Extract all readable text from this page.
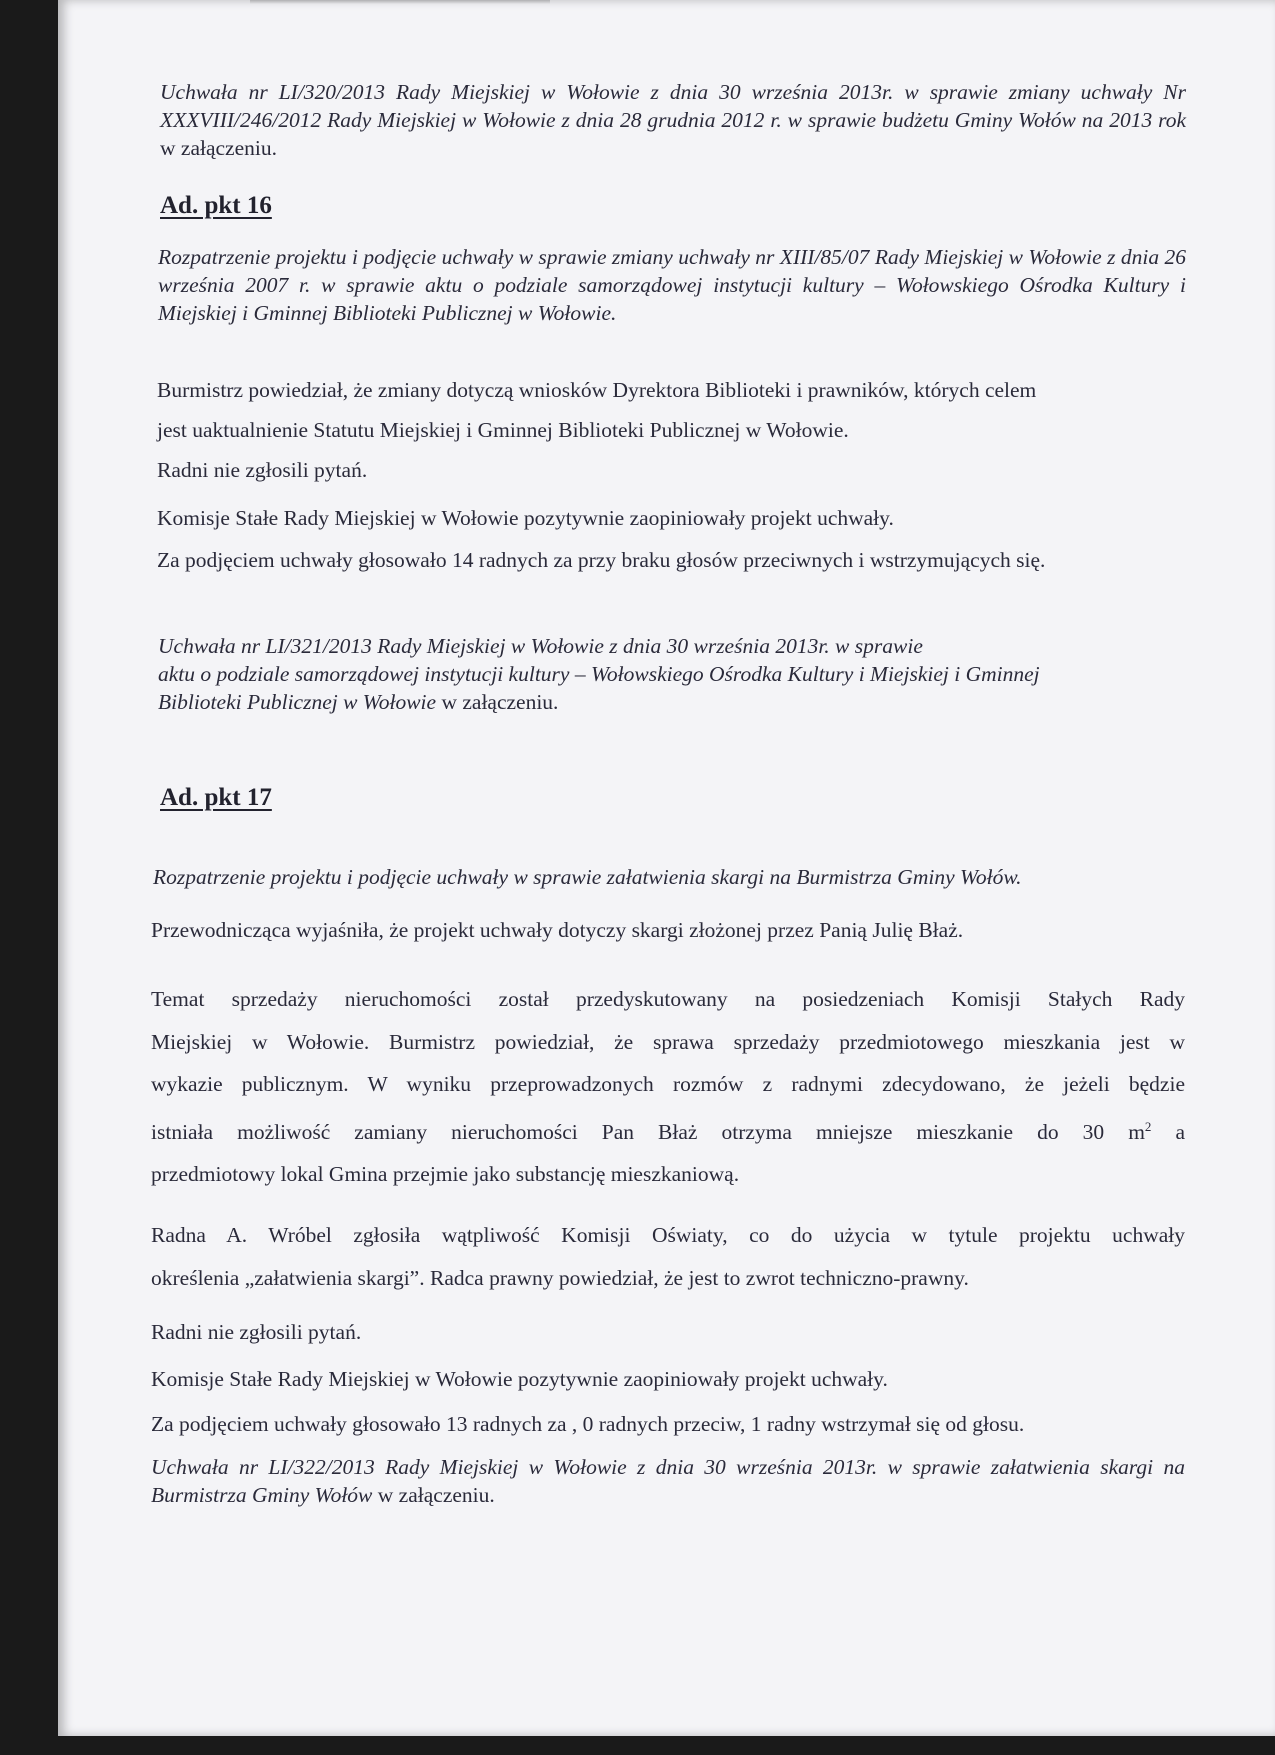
Uchwała nr LI/320/2013 Rady Miejskiej w Wołowie z dnia 30 września 2013r. w sprawie zmiany uchwały Nr XXXVIII/246/2012 Rady Miejskiej w Wołowie z dnia 28 grudnia 2012 r. w sprawie budżetu Gminy Wołów na 2013 rok w załączeniu.

Ad. pkt 16

Rozpatrzenie projektu i podjęcie uchwały w sprawie zmiany uchwały nr XIII/85/07 Rady Miejskiej w Wołowie z dnia 26 września 2007 r. w sprawie aktu o podziale samorządowej instytucji kultury – Wołowskiego Ośrodka Kultury i Miejskiej i Gminnej Biblioteki Publicznej w Wołowie.

Burmistrz powiedział, że zmiany dotyczą wniosków Dyrektora Biblioteki i prawników, których celem

jest uaktualnienie Statutu Miejskiej i Gminnej Biblioteki Publicznej w Wołowie.

Radni nie zgłosili pytań.

Komisje Stałe Rady Miejskiej w Wołowie pozytywnie zaopiniowały projekt uchwały.

Za podjęciem uchwały głosowało 14 radnych za przy braku głosów przeciwnych i wstrzymujących się.

Uchwała nr LI/321/2013 Rady Miejskiej w Wołowie z dnia 30 września 2013r. w sprawie
aktu o podziale samorządowej instytucji kultury – Wołowskiego Ośrodka Kultury i Miejskiej i Gminnej
Biblioteki Publicznej w Wołowie w załączeniu.

Ad. pkt 17

Rozpatrzenie projektu i podjęcie uchwały w sprawie załatwienia skargi na Burmistrza Gminy Wołów.

Przewodnicząca wyjaśniła, że projekt uchwały dotyczy skargi złożonej przez Panią Julię Błaż.

Temat sprzedaży nieruchomości został przedyskutowany na posiedzeniach Komisji Stałych Rady
Miejskiej w Wołowie. Burmistrz powiedział, że sprawa sprzedaży przedmiotowego mieszkania jest w
wykazie publicznym. W wyniku przeprowadzonych rozmów z radnymi zdecydowano, że jeżeli będzie
istniała możliwość zamiany nieruchomości Pan Błaż otrzyma mniejsze mieszkanie do 30 $m^2$ a
przedmiotowy lokal Gmina przejmie jako substancję mieszkaniową.

Radna A. Wróbel zgłosiła wątpliwość Komisji Oświaty, co do użycia w tytule projektu uchwały
określenia „załatwienia skargi”. Radca prawny powiedział, że jest to zwrot techniczno-prawny.

Radni nie zgłosili pytań.

Komisje Stałe Rady Miejskiej w Wołowie pozytywnie zaopiniowały projekt uchwały.

Za podjęciem uchwały głosowało 13 radnych za , 0 radnych przeciw, 1 radny wstrzymał się od głosu.

Uchwała nr LI/322/2013 Rady Miejskiej w Wołowie z dnia 30 września 2013r. w sprawie załatwienia skargi na Burmistrza Gminy Wołów w załączeniu.
